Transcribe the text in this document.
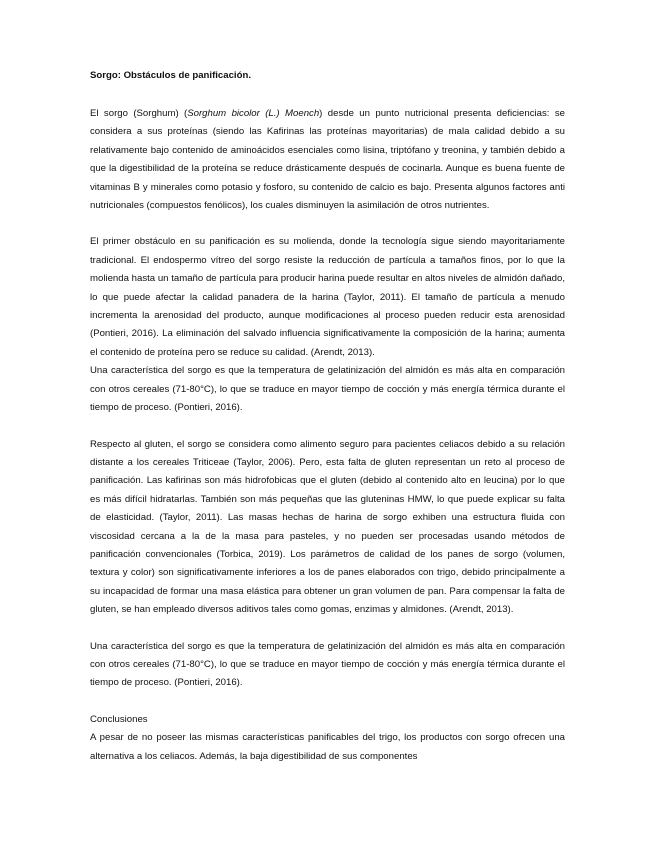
Sorgo: Obstáculos de panificación.

El sorgo (Sorghum) (Sorghum bicolor (L.) Moench) desde un punto nutricional presenta deficiencias: se considera a sus proteínas (siendo las Kafirinas las proteínas mayoritarias) de mala calidad debido a su relativamente bajo contenido de aminoácidos esenciales como lisina, triptófano y treonina, y también debido a que la digestibilidad de la proteína se reduce drásticamente después de cocinarla. Aunque es buena fuente de vitaminas B y minerales como potasio y fosforo, su contenido de calcio es bajo. Presenta algunos factores anti nutricionales (compuestos fenólicos), los cuales disminuyen la asimilación de otros nutrientes.

El primer obstáculo en su panificación es su molienda, donde la tecnología sigue siendo mayoritariamente tradicional. El endospermo vítreo del sorgo resiste la reducción de partícula a tamaños finos, por lo que la molienda hasta un tamaño de partícula para producir harina puede resultar en altos niveles de almidón dañado, lo que puede afectar la calidad panadera de la harina (Taylor, 2011). El tamaño de partícula a menudo incrementa la arenosidad del producto, aunque modificaciones al proceso pueden reducir esta arenosidad (Pontieri, 2016). La eliminación del salvado influencia significativamente la composición de la harina; aumenta el contenido de proteína pero se reduce su calidad. (Arendt, 2013).

Una característica del sorgo es que la temperatura de gelatinización del almidón es más alta en comparación con otros cereales (71-80°C), lo que se traduce en mayor tiempo de cocción y más energía térmica durante el tiempo de proceso. (Pontieri, 2016).

Respecto al gluten, el sorgo se considera como alimento seguro para pacientes celiacos debido a su relación distante a los cereales Triticeae (Taylor, 2006). Pero, esta falta de gluten representan un reto al proceso de panificación. Las kafirinas son más hidrofobicas que el gluten (debido al contenido alto en leucina) por lo que es más difícil hidratarlas. También son más pequeñas que las gluteninas HMW, lo que puede explicar su falta de elasticidad. (Taylor, 2011). Las masas hechas de harina de sorgo exhiben una estructura fluida con viscosidad cercana a la de la masa para pasteles, y no pueden ser procesadas usando métodos de panificación convencionales (Torbica, 2019). Los parámetros de calidad de los panes de sorgo (volumen, textura y color) son significativamente inferiores a los de panes elaborados con trigo, debido principalmente a su incapacidad de formar una masa elástica para obtener un gran volumen de pan. Para compensar la falta de gluten, se han empleado diversos aditivos tales como gomas, enzimas y almidones. (Arendt, 2013).

Una característica del sorgo es que la temperatura de gelatinización del almidón es más alta en comparación con otros cereales (71-80°C), lo que se traduce en mayor tiempo de cocción y más energía térmica durante el tiempo de proceso. (Pontieri, 2016).

Conclusiones

A pesar de no poseer las mismas características panificables del trigo, los productos con sorgo ofrecen una alternativa a los celiacos. Además, la baja digestibilidad de sus componentes
